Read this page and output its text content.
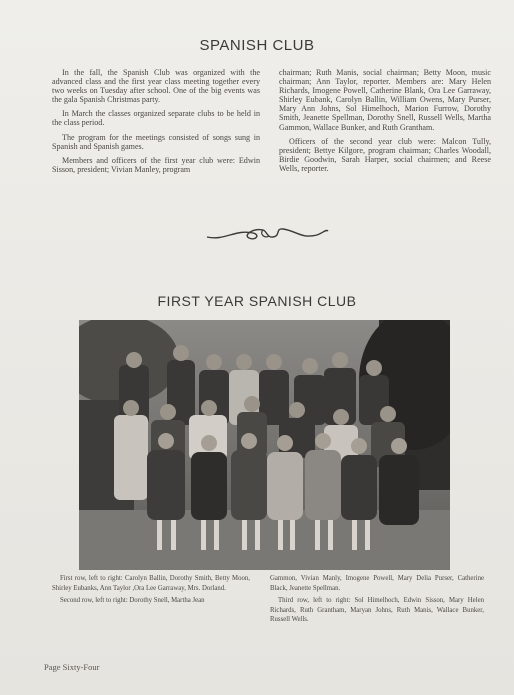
SPANISH CLUB

In the fall, the Spanish Club was organized with the advanced class and the first year class meeting together every two weeks on Tuesday after school. One of the big events was the gala Spanish Christmas party.

In March the classes organized separate clubs to be held in the class period.

The program for the meetings consisted of songs sung in Spanish and Spanish games.

Members and officers of the first year club were: Edwin Sisson, president; Vivian Manley, program

chairman; Ruth Manis, social chairman; Betty Moon, music chairman; Ann Taylor, reporter. Members are: Mary Helen Richards, Imogene Powell, Catherine Blank, Ora Lee Garraway, Shirley Eubank, Carolyn Ballin, William Owens, Mary Purser, Mary Ann Johns, Sol Himelhoch, Marion Furrow, Dorothy Smith, Jeanette Spellman, Dorothy Snell, Russell Wells, Martha Gammon, Wallace Bunker, and Ruth Grantham.

Officers of the second year club were: Malcon Tully, president; Bettye Kilgore, program chairman; Charles Woodall, Birdie Goodwin, Sarah Harper, social chairmen; and Reese Wells, reporter.

FIRST YEAR SPANISH CLUB

First row, left to right: Carolyn Ballin, Dorothy Smith, Betty Moon, Shirley Eubanks, Ann Taylor ,Ora Lee Garraway, Mrs. Dorland.

Second row, left to right: Dorothy Snell, Martha Jean

Gammon, Vivian Manly, Imogene Powell, Mary Delia Purser, Catherine Black, Jeanette Spellman.

Third row, left to right: Sol Himelhoch, Edwin Sisson, Mary Helen Richards, Ruth Grantham, Maryan Johns, Ruth Manis, Wallace Bunker, Russell Wells.

Page Sixty-Four
